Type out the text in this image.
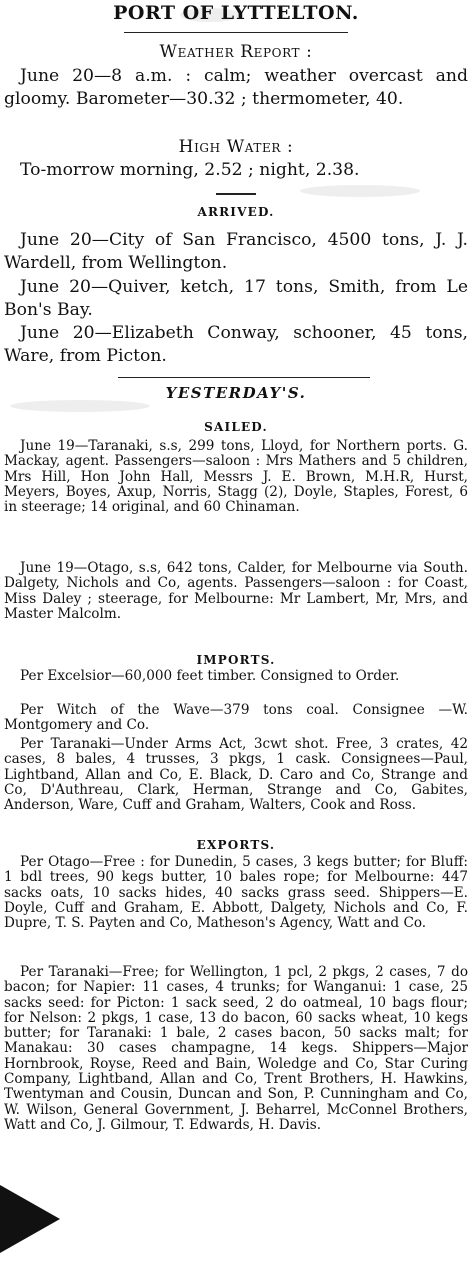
PORT OF LYTTELTON.
Weather Report :

June 20—8 a.m. : calm; weather overcast and gloomy. Barometer—30.32 ; thermometer, 40.

High Water :

To-morrow morning, 2.52 ; night, 2.38.

ARRIVED.

June 20—City of San Francisco, 4500 tons, J. J. Wardell, from Wellington.

June 20—Quiver, ketch, 17 tons, Smith, from Le Bon's Bay.

June 20—Elizabeth Conway, schooner, 45 tons, Ware, from Picton.

YESTERDAY'S.
SAILED.

June 19—Taranaki, s.s, 299 tons, Lloyd, for Northern ports. G. Mackay, agent. Passengers—saloon : Mrs Mathers and 5 children, Mrs Hill, Hon John Hall, Messrs J. E. Brown, M.H.R, Hurst, Meyers, Boyes, Axup, Norris, Stagg (2), Doyle, Staples, Forest, 6 in steerage; 14 original, and 60 Chinaman.

June 19—Otago, s.s, 642 tons, Calder, for Melbourne via South. Dalgety, Nichols and Co, agents. Passengers—saloon : for Coast, Miss Daley ; steerage, for Melbourne: Mr Lambert, Mr, Mrs, and Master Malcolm.

IMPORTS.

Per Excelsior—60,000 feet timber. Consigned to Order.

Per Witch of the Wave—379 tons coal. Consignee —W. Montgomery and Co.

Per Taranaki—Under Arms Act, 3cwt shot. Free, 3 crates, 42 cases, 8 bales, 4 trusses, 3 pkgs, 1 cask. Consignees—Paul, Lightband, Allan and Co, E. Black, D. Caro and Co, Strange and Co, D'Authreau, Clark, Herman, Strange and Co, Gabites, Anderson, Ware, Cuff and Graham, Walters, Cook and Ross.

EXPORTS.

Per Otago—Free : for Dunedin, 5 cases, 3 kegs butter; for Bluff: 1 bdl trees, 90 kegs butter, 10 bales rope; for Melbourne: 447 sacks oats, 10 sacks hides, 40 sacks grass seed. Shippers—E. Doyle, Cuff and Graham, E. Abbott, Dalgety, Nichols and Co, F. Dupre, T. S. Payten and Co, Matheson's Agency, Watt and Co.

Per Taranaki—Free; for Wellington, 1 pcl, 2 pkgs, 2 cases, 7 do bacon; for Napier: 11 cases, 4 trunks; for Wanganui: 1 case, 25 sacks seed: for Picton: 1 sack seed, 2 do oatmeal, 10 bags flour; for Nelson: 2 pkgs, 1 case, 13 do bacon, 60 sacks wheat, 10 kegs butter; for Taranaki: 1 bale, 2 cases bacon, 50 sacks malt; for Manakau: 30 cases champagne, 14 kegs. Shippers—Major Hornbrook, Royse, Reed and Bain, Woledge and Co, Star Curing Company, Lightband, Allan and Co, Trent Brothers, H. Hawkins, Twentyman and Cousin, Duncan and Son, P. Cunningham and Co, W. Wilson, General Government, J. Beharrel, McConnel Brothers, Watt and Co, J. Gilmour, T. Edwards, H. Davis.
